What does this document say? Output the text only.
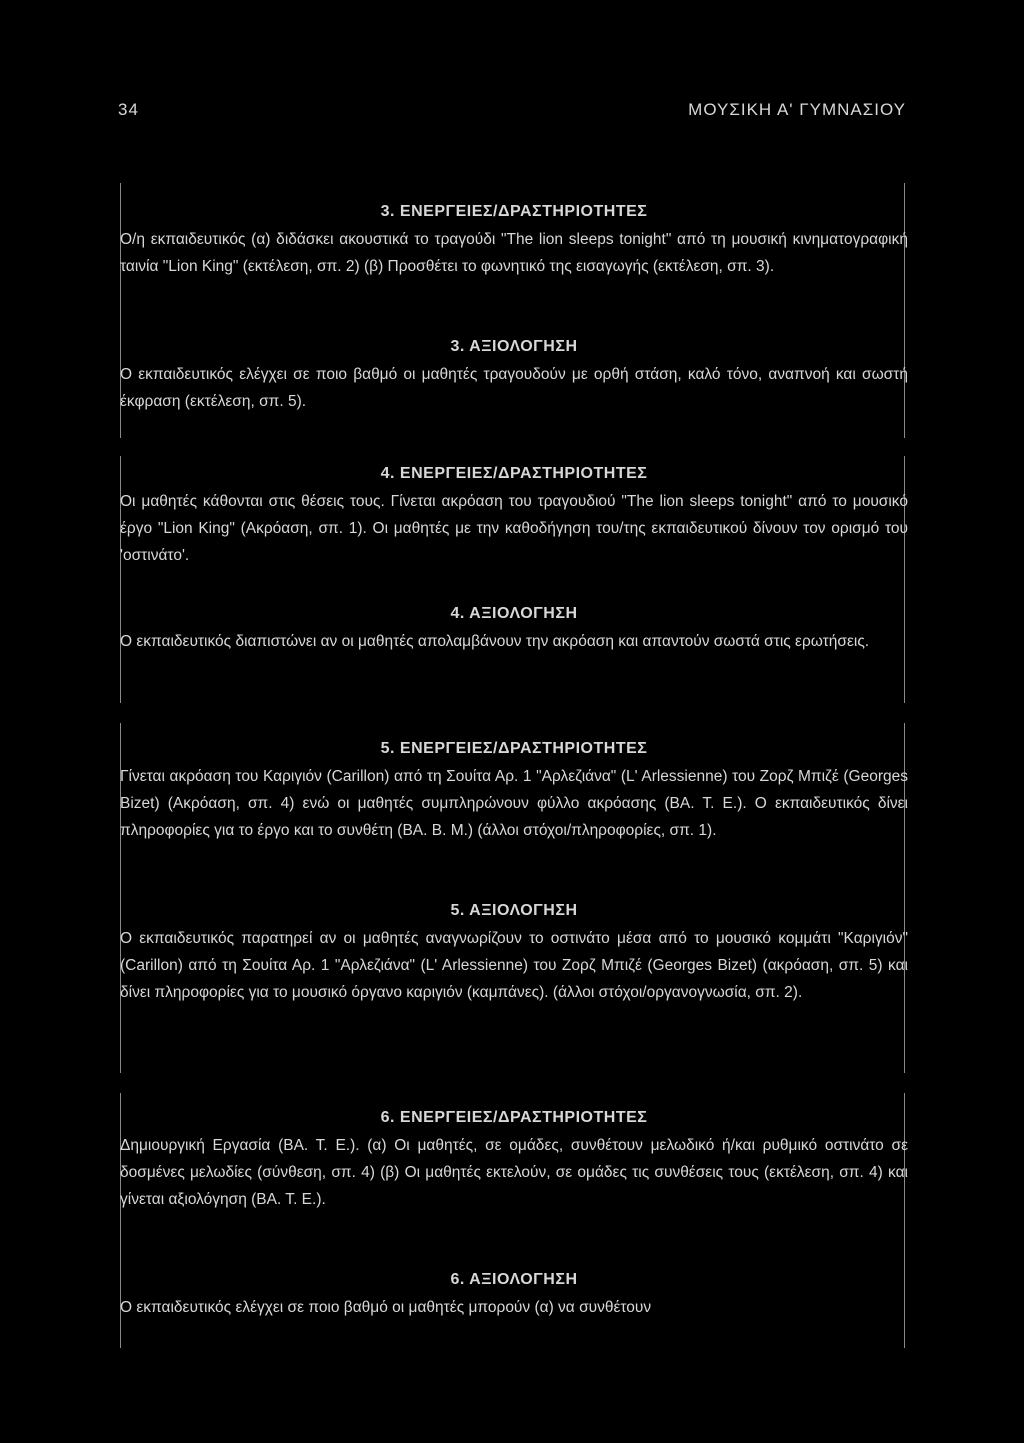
34	ΜΟΥΣΙΚΗ Α' ΓΥΜΝΑΣΙΟΥ
3. ΕΝΕΡΓΕΙΕΣ/ΔΡΑΣΤΗΡΙΟΤΗΤΕΣ
Ο/η εκπαιδευτικός (α) διδάσκει ακουστικά το τραγούδι "The lion sleeps tonight" από τη μουσική κινηματογραφική ταινία "Lion King" (εκτέλεση, σπ. 2) (β) Προσθέτει το φωνητικό της εισαγωγής (εκτέλεση, σπ. 3).
3. ΑΞΙΟΛΟΓΗΣΗ
Ο εκπαιδευτικός ελέγχει σε ποιο βαθμό οι μαθητές τραγουδούν με ορθή στάση, καλό τόνο, αναπνοή και σωστή έκφραση (εκτέλεση, σπ. 5).
4. ΕΝΕΡΓΕΙΕΣ/ΔΡΑΣΤΗΡΙΟΤΗΤΕΣ
Οι μαθητές κάθονται στις θέσεις τους. Γίνεται ακρόαση του τραγουδιού "The lion sleeps tonight" από το μουσικό έργο "Lion King" (Ακρόαση, σπ. 1). Οι μαθητές με την καθοδήγηση του/της εκπαιδευτικού δίνουν τον ορισμό του 'οστινάτο'.
4. ΑΞΙΟΛΟΓΗΣΗ
Ο εκπαιδευτικός διαπιστώνει αν οι μαθητές απολαμβάνουν την ακρόαση και απαντούν σωστά στις ερωτήσεις.
5. ΕΝΕΡΓΕΙΕΣ/ΔΡΑΣΤΗΡΙΟΤΗΤΕΣ
Γίνεται ακρόαση του Καριγιόν (Carillon) από τη Σουίτα Αρ. 1 "Αρλεζιάνα" (L' Arlessienne) του Ζορζ Μπιζέ (Georges Bizet) (Ακρόαση, σπ. 4) ενώ οι μαθητές συμπληρώνουν φύλλο ακρόασης (ΒΑ. Τ. Ε.). Ο εκπαιδευτικός δίνει πληροφορίες για το έργο και το συνθέτη (ΒΑ. Β. Μ.) (άλλοι στόχοι/πληροφορίες, σπ. 1).
5. ΑΞΙΟΛΟΓΗΣΗ
Ο εκπαιδευτικός παρατηρεί αν οι μαθητές αναγνωρίζουν το οστινάτο μέσα από το μουσικό κομμάτι "Καριγιόν" (Carillon) από τη Σουίτα Αρ. 1 "Αρλεζιάνα" (L' Arlessienne) του Ζορζ Μπιζέ (Georges Bizet) (ακρόαση, σπ. 5) και δίνει πληροφορίες για το μουσικό όργανο καριγιόν (καμπάνες). (άλλοι στόχοι/οργανογνωσία, σπ. 2).
6. ΕΝΕΡΓΕΙΕΣ/ΔΡΑΣΤΗΡΙΟΤΗΤΕΣ
Δημιουργική Εργασία (ΒΑ. Τ. Ε.). (α) Οι μαθητές, σε ομάδες, συνθέτουν μελωδικό ή/και ρυθμικό οστινάτο σε δοσμένες μελωδίες (σύνθεση, σπ. 4) (β) Οι μαθητές εκτελούν, σε ομάδες τις συνθέσεις τους (εκτέλεση, σπ. 4) και γίνεται αξιολόγηση (ΒΑ. Τ. Ε.).
6. ΑΞΙΟΛΟΓΗΣΗ
Ο εκπαιδευτικός ελέγχει σε ποιο βαθμό οι μαθητές μπορούν (α) να συνθέτουν
